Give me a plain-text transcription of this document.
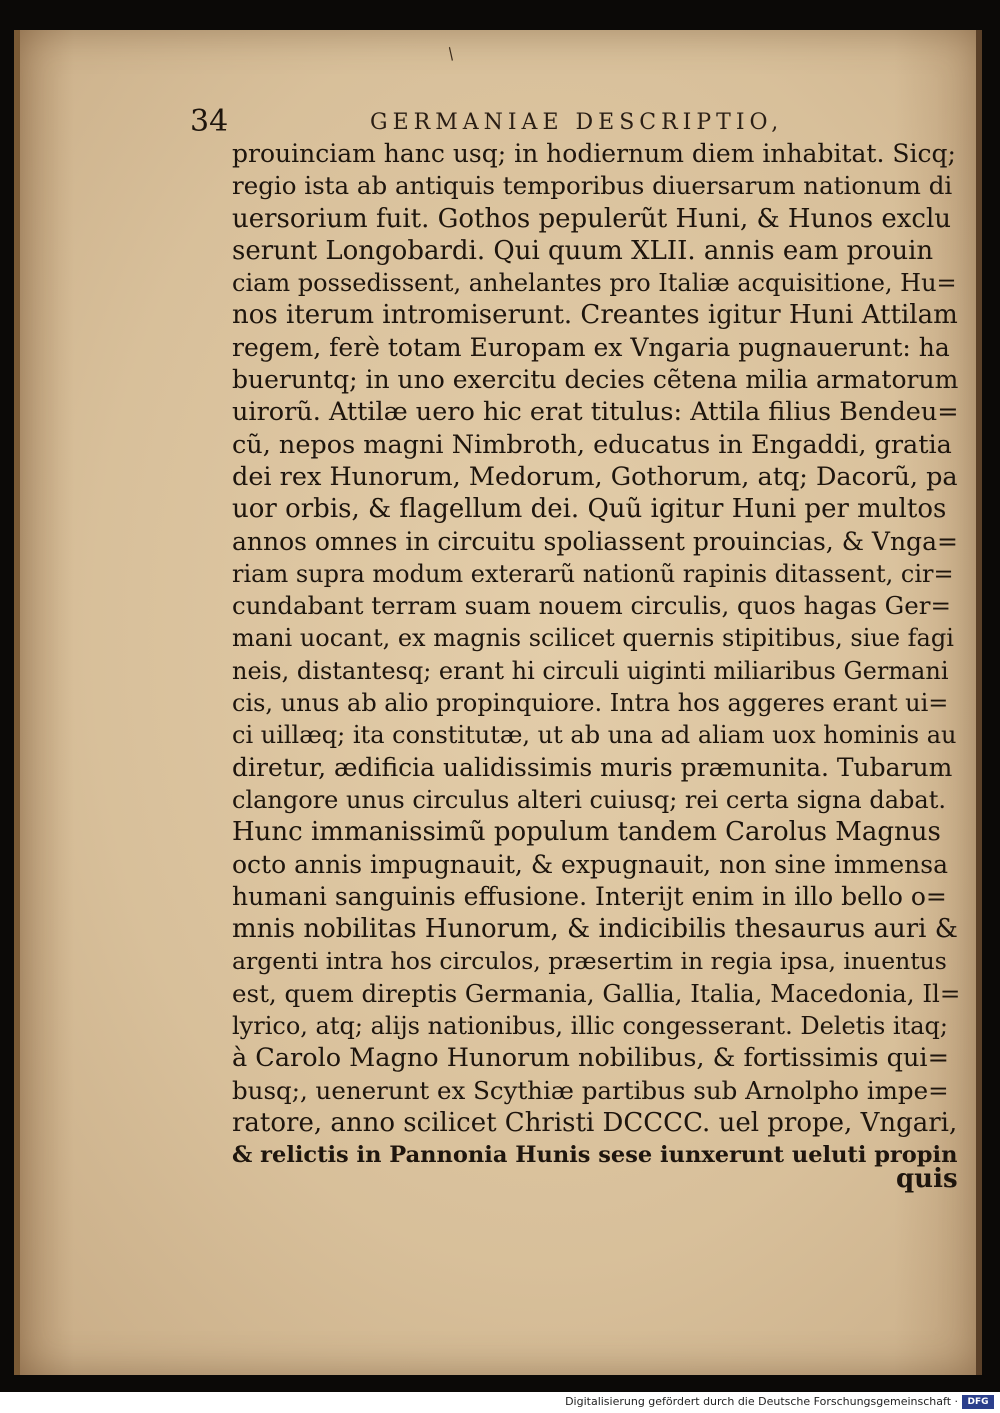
/
34	GERMANIAE DESCRIPTIO,
prouinciam hanc usq; in hodiernum diem inhabitat. Sicq;
regio ista ab antiquis temporibus diuersarum nationum di
uersorium fuit. Gothos pepulerũt Huni, & Hunos exclu
serunt Longobardi. Qui quum XLII. annis eam prouin
ciam possedissent, anhelantes pro Italiæ acquisitione, Hu=
nos iterum intromiserunt. Creantes igitur Huni Attilam
regem, ferè totam Europam ex Vngaria pugnauerunt: ha
bueruntq; in uno exercitu decies cẽtena milia armatorum
uirorũ. Attilæ uero hic erat titulus: Attila filius Bendeu=
cũ, nepos magni Nimbroth, educatus in Engaddi, gratia
dei rex Hunorum, Medorum, Gothorum, atq; Dacorũ, pa
uor orbis, & flagellum dei. Quũ igitur Huni per multos
annos omnes in circuitu spoliassent prouincias, & Vnga=
riam supra modum exterarũ nationũ rapinis ditassent, cir=
cundabant terram suam nouem circulis, quos hagas Ger=
mani uocant, ex magnis scilicet quernis stipitibus, siue fagi
neis, distantesq; erant hi circuli uiginti miliaribus Germani
cis, unus ab alio propinquiore. Intra hos aggeres erant ui=
ci uillæq; ita constitutæ, ut ab una ad aliam uox hominis au
diretur, ædificia ualidissimis muris præmunita. Tubarum
clangore unus circulus alteri cuiusq; rei certa signa dabat.
Hunc immanissimũ populum tandem Carolus Magnus
octo annis impugnauit, & expugnauit, non sine immensa
humani sanguinis effusione. Interijt enim in illo bello o=
mnis nobilitas Hunorum, & indicibilis thesaurus auri &
argenti intra hos circulos, præsertim in regia ipsa, inuentus
est, quem direptis Germania, Gallia, Italia, Macedonia, Il=
lyrico, atq; alijs nationibus, illic congesserant. Deletis itaq;
à Carolo Magno Hunorum nobilibus, & fortissimis qui=
busq;, uenerunt ex Scythiæ partibus sub Arnolpho impe=
ratore, anno scilicet Christi DCCCC. uel prope, Vngari,
& relictis in Pannonia Hunis sese iunxerunt ueluti propin
quis
Digitalisierung gefördert durch die Deutsche Forschungsgemeinschaft ·	DFG
